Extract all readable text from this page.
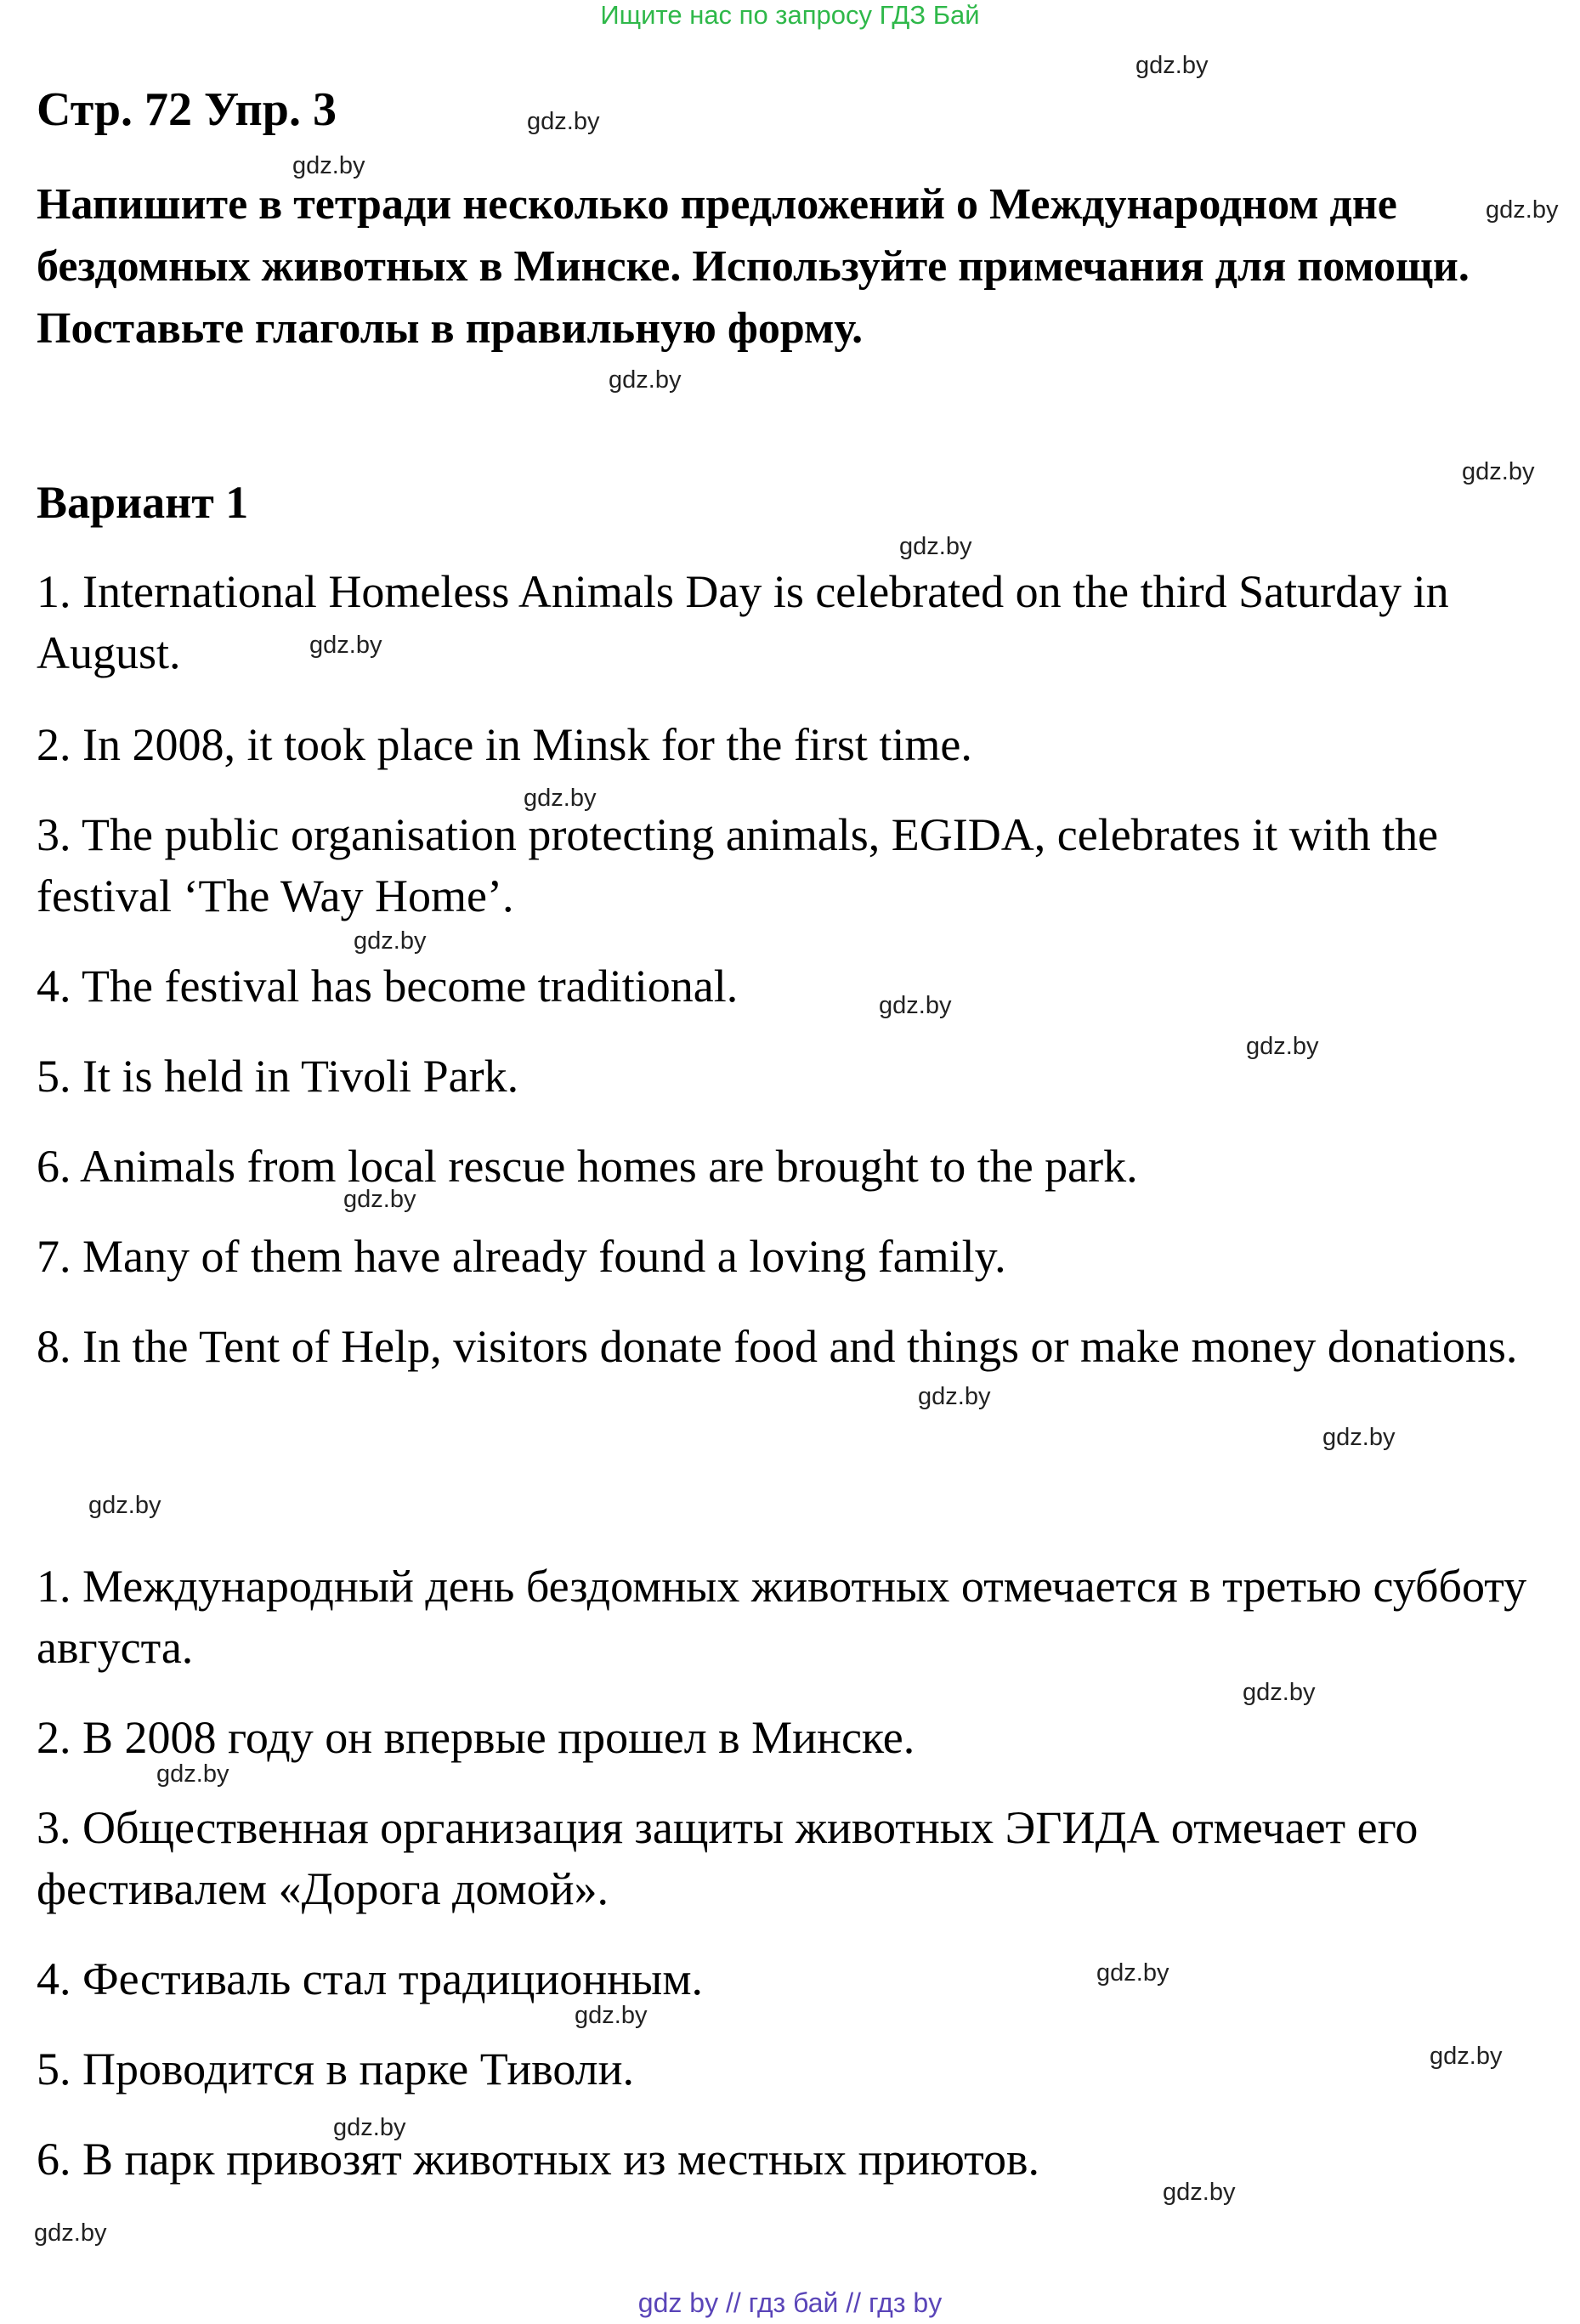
Ищите нас по запросу ГДЗ Бай
Стр. 72 Упр. 3

Напишите в тетради несколько предложений о Международном дне бездомных животных в Минске. Используйте примечания для помощи. Поставьте глаголы в правильную форму.

Вариант 1

1. International Homeless Animals Day is celebrated on the third Saturday in August.

2. In 2008, it took place in Minsk for the first time.

3. The public organisation protecting animals, EGIDA, celebrates it with the festival ‘The Way Home’.

4. The festival has become traditional.

5. It is held in Tivoli Park.

6. Animals from local rescue homes are brought to the park.

7. Many of them have already found a loving family.

8. In the Tent of Help, visitors donate food and things or make money donations.

1. Международный день бездомных животных отмечается в третью субботу августа.

2. В 2008 году он впервые прошел в Минске.

3. Общественная организация защиты животных ЭГИДА отмечает его фестивалем «Дорога домой».

4. Фестиваль стал традиционным.

5. Проводится в парке Тиволи.

6. В парк привозят животных из местных приютов.

gdz.by
gdz.by
gdz.by
gdz.by
gdz.by
gdz.by
gdz.by
gdz.by
gdz.by
gdz.by
gdz.by
gdz.by
gdz.by
gdz.by
gdz.by
gdz.by
gdz.by
gdz.by
gdz.by
gdz.by
gdz.by
gdz.by
gdz.by
gdz.by
gdz by // гдз бай // гдз by
